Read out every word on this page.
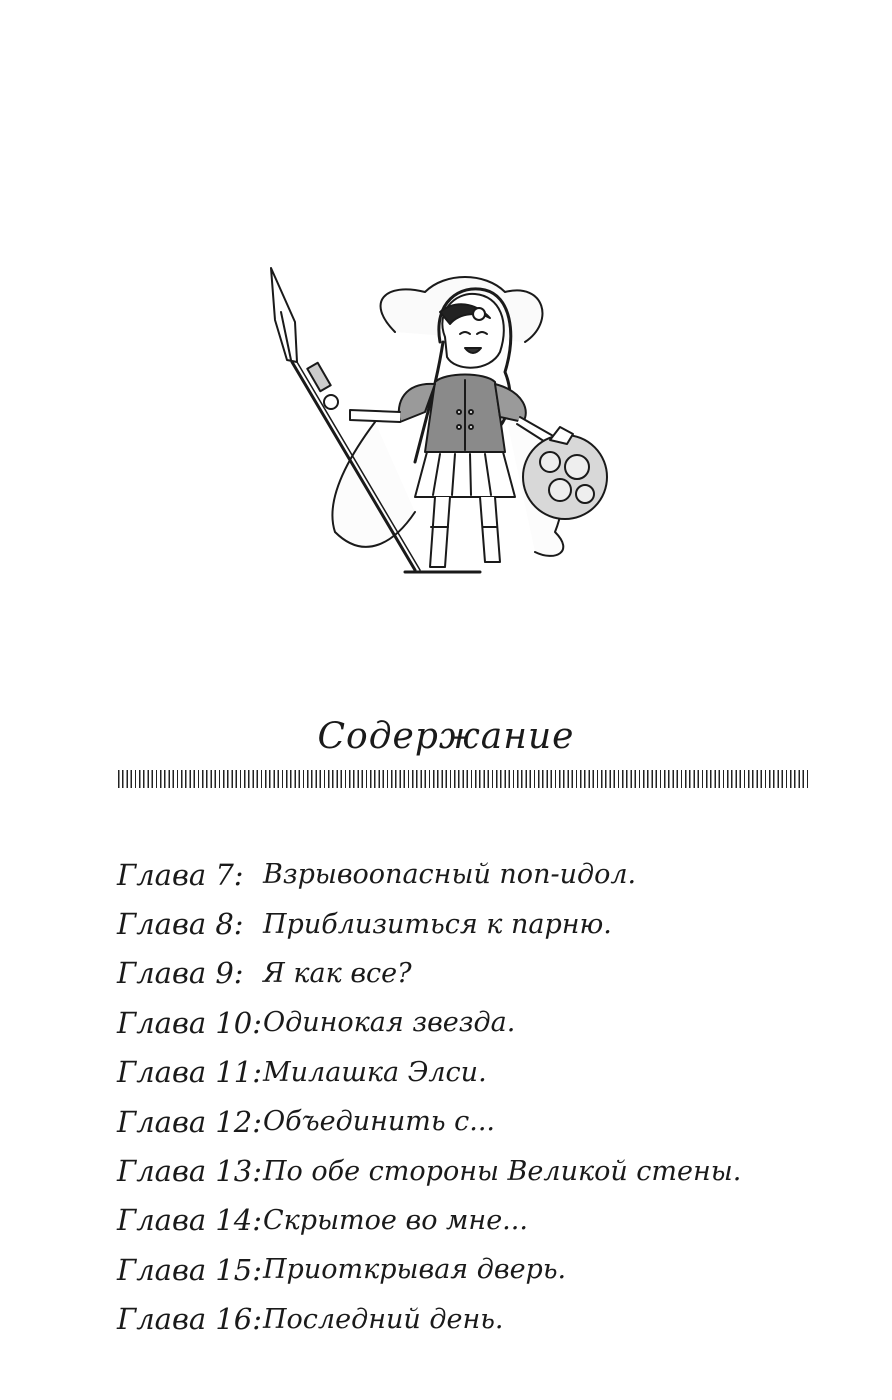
Содержание
Глава 7: Взрывоопасный поп-идол.
Глава 8: Приблизиться к парню.
Глава 9: Я как все?
Глава 10: Одинокая звезда.
Глава 11: Милашка Элси.
Глава 12: Объединить с...
Глава 13: По обе стороны Великой стены.
Глава 14: Скрытое во мне...
Глава 15: Приоткрывая дверь.
Глава 16: Последний день.
